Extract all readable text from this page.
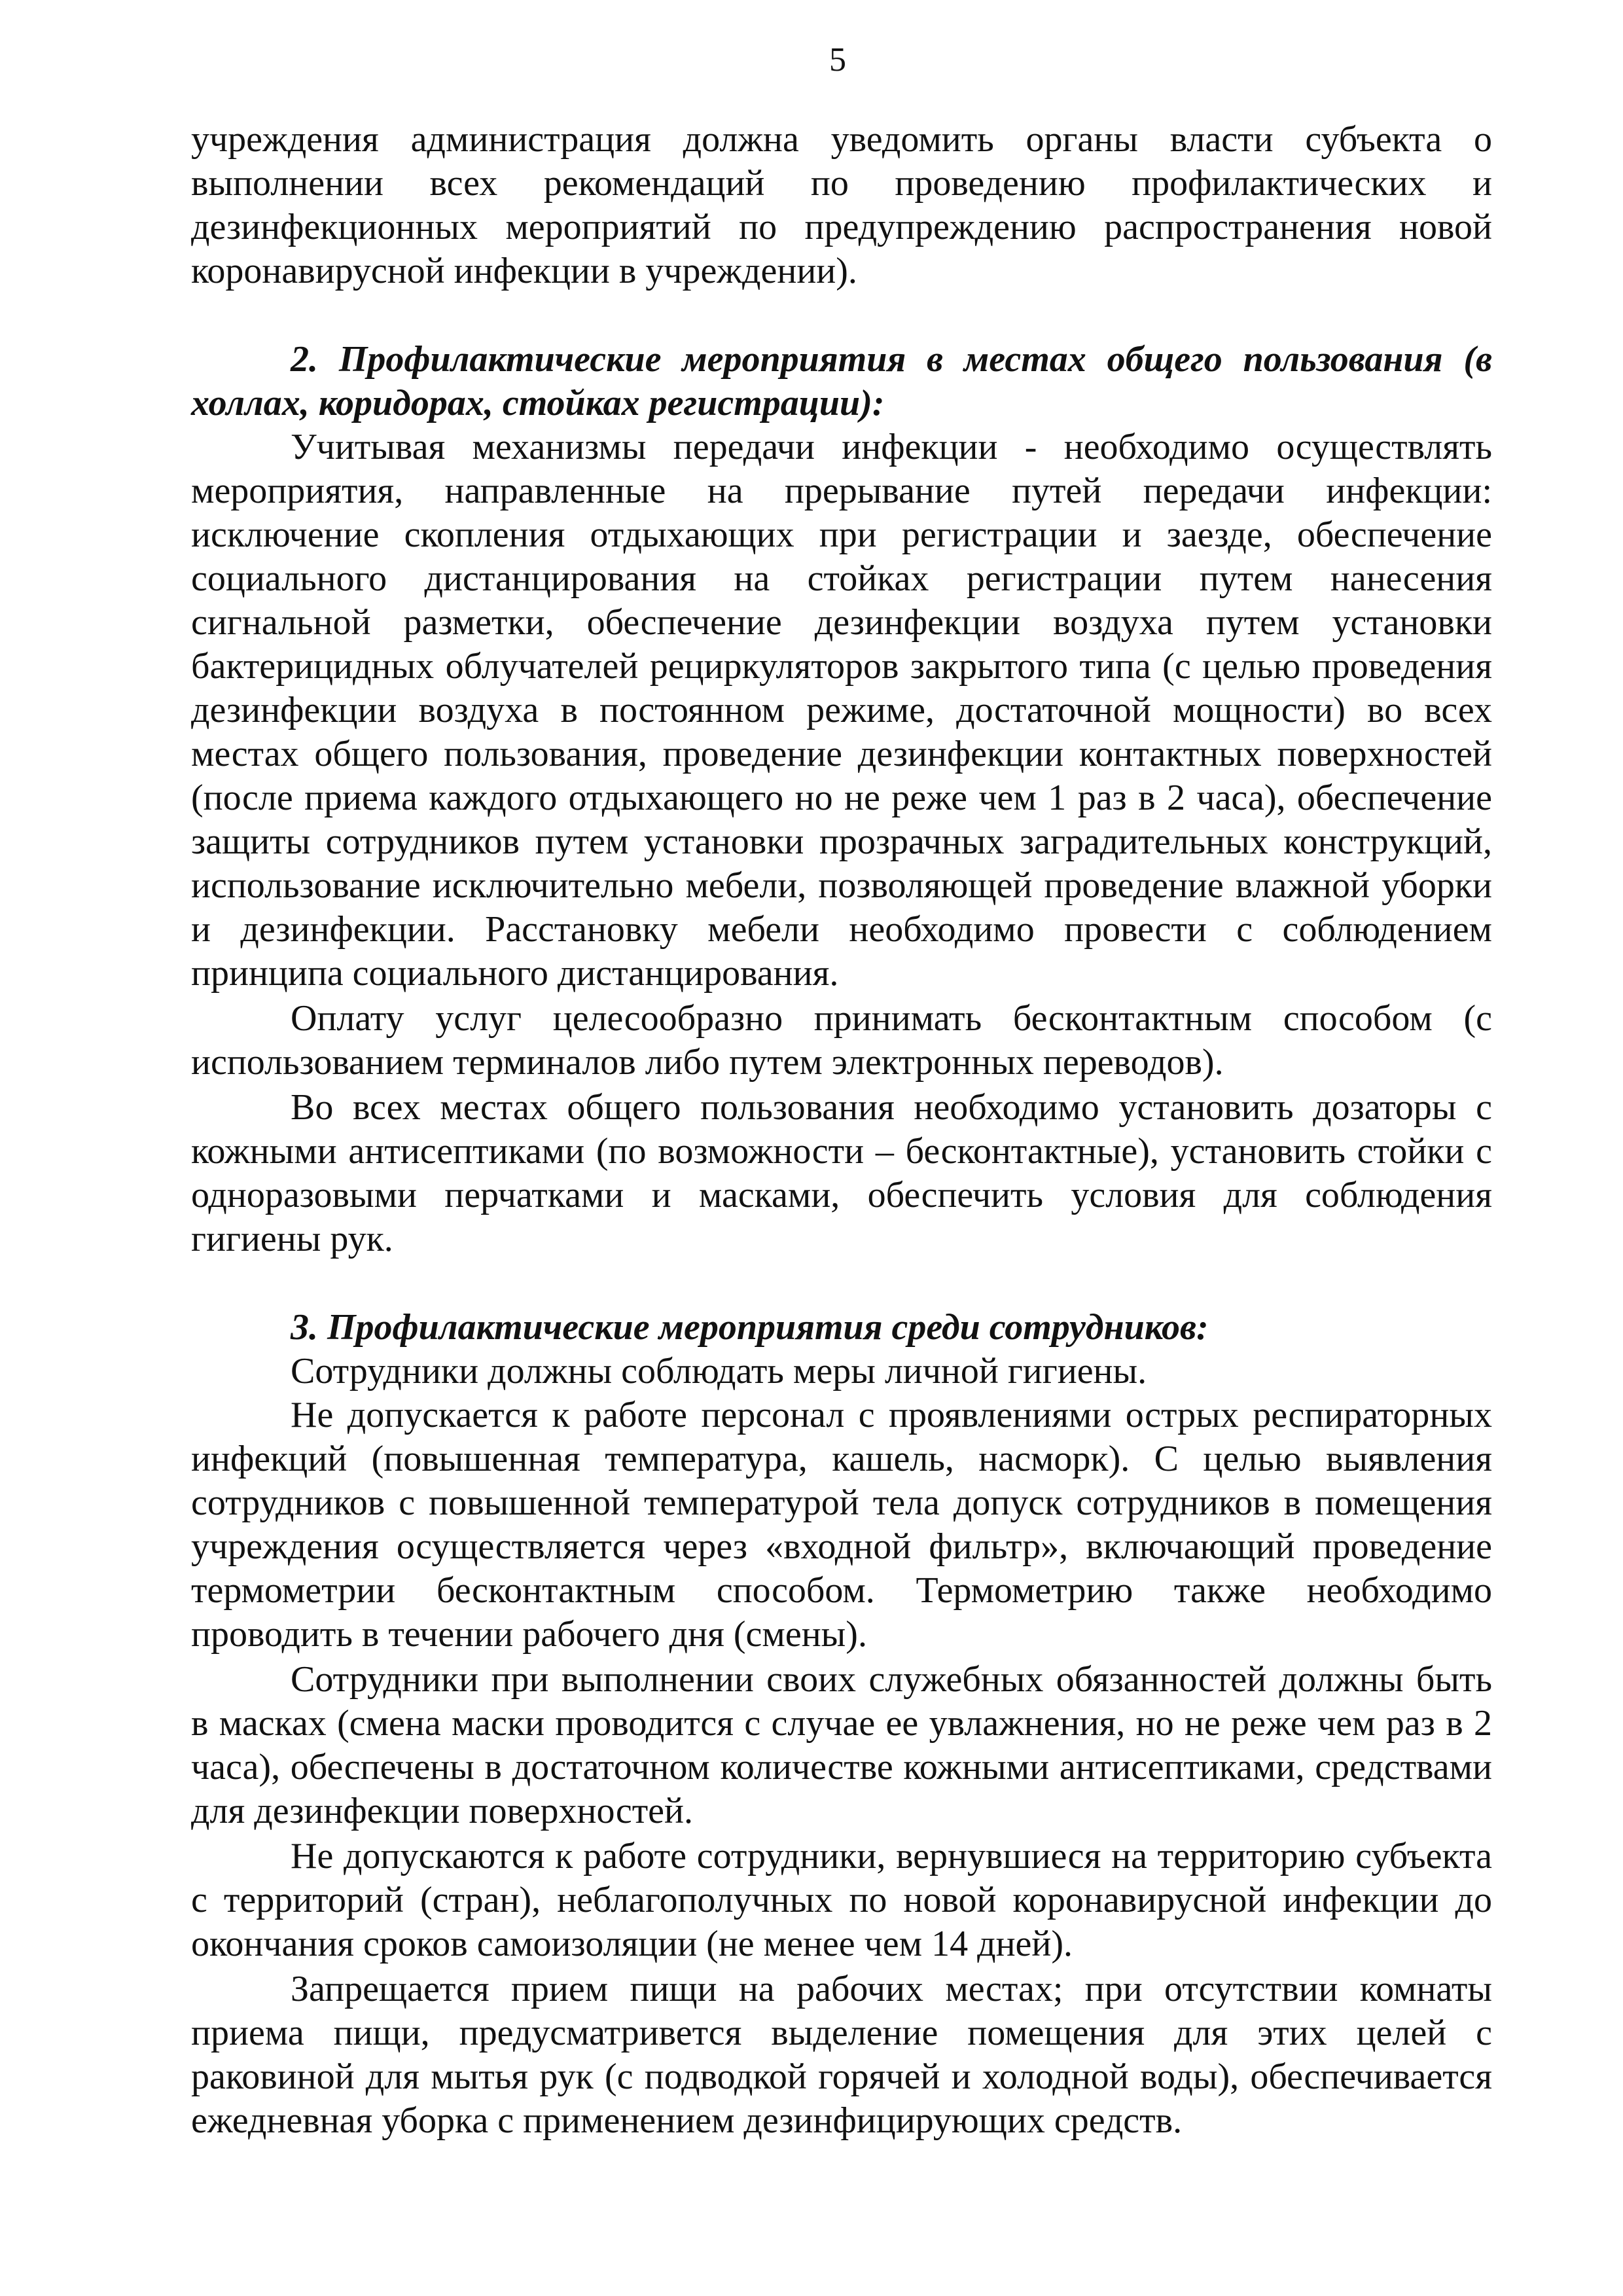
5

учреждения администрация должна уведомить органы власти субъекта о выполнении всех рекомендаций по проведению профилактических и дезинфекционных мероприятий по предупреждению распространения новой коронавирусной инфекции в учреждении).

2. Профилактические мероприятия в местах общего пользования (в холлах, коридорах, стойках регистрации):

Учитывая механизмы передачи инфекции - необходимо осуществлять мероприятия, направленные на прерывание путей передачи инфекции: исключение скопления отдыхающих при регистрации и заезде, обеспечение социального дистанцирования на стойках регистрации путем нанесения сигнальной разметки, обеспечение дезинфекции воздуха путем установки бактерицидных облучателей рециркуляторов закрытого типа (с целью проведения дезинфекции воздуха в постоянном режиме, достаточной мощности) во всех местах общего пользования, проведение дезинфекции контактных поверхностей (после приема каждого отдыхающего но не реже чем 1 раз в 2 часа), обеспечение защиты сотрудников путем установки прозрачных заградительных конструкций, использование исключительно мебели, позволяющей проведение влажной уборки и дезинфекции. Расстановку мебели необходимо провести с соблюдением принципа социального дистанцирования.

Оплату услуг целесообразно принимать бесконтактным способом (с использованием терминалов либо путем электронных переводов).

Во всех местах общего пользования необходимо установить дозаторы с кожными антисептиками (по возможности – бесконтактные), установить стойки с одноразовыми перчатками и масками, обеспечить условия для соблюдения гигиены рук.

3. Профилактические мероприятия среди сотрудников:

Сотрудники должны соблюдать меры личной гигиены.

Не допускается к работе персонал с проявлениями острых респираторных инфекций (повышенная температура, кашель, насморк). С целью выявления сотрудников с повышенной температурой тела допуск сотрудников в помещения учреждения осуществляется через «входной фильтр», включающий проведение термометрии бесконтактным способом. Термометрию также необходимо проводить в течении рабочего дня (смены).

Сотрудники при выполнении своих служебных обязанностей должны быть в масках (смена маски проводится с случае ее увлажнения, но не реже чем раз в 2 часа), обеспечены в достаточном количестве кожными антисептиками, средствами для дезинфекции поверхностей.

Не допускаются к работе сотрудники, вернувшиеся на территорию субъекта с территорий (стран), неблагополучных по новой коронавирусной инфекции до окончания сроков самоизоляции (не менее чем 14 дней).

Запрещается прием пищи на рабочих местах; при отсутствии комнаты приема пищи, предусматривется выделение помещения для этих целей с раковиной для мытья рук (с подводкой горячей и холодной воды), обеспечивается ежедневная уборка с применением дезинфицирующих средств.
